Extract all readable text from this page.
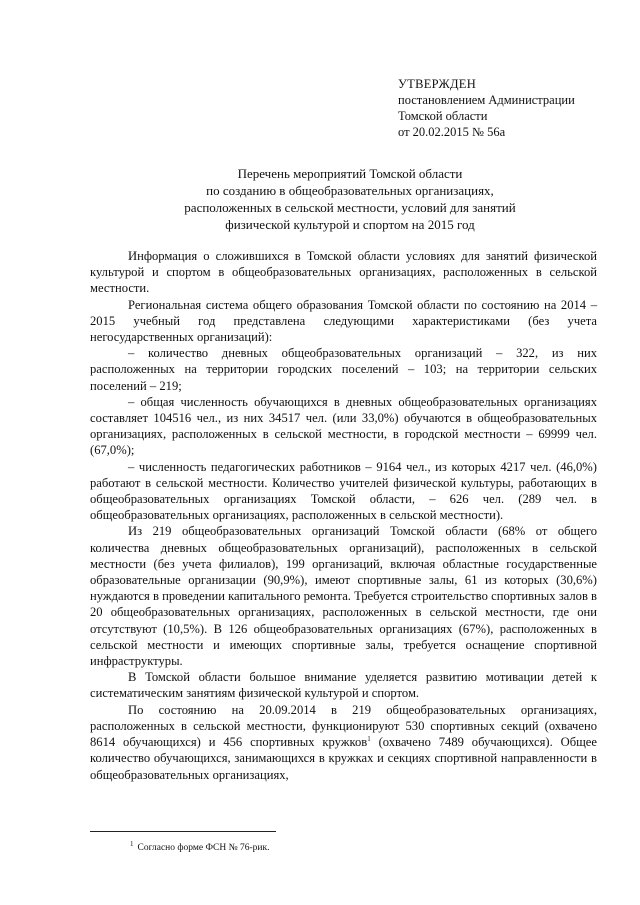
УТВЕРЖДЕН
постановлением Администрации
Томской области
от 20.02.2015 № 56а
Перечень мероприятий Томской области
по созданию в общеобразовательных организациях,
расположенных в сельской местности, условий для занятий
физической культурой и спортом на 2015 год

Информация о сложившихся в Томской области условиях для занятий физической культурой и спортом в общеобразовательных организациях, расположенных в сельской местности.

Региональная система общего образования Томской области по состоянию на 2014 – 2015 учебный год представлена следующими характеристиками (без учета негосударственных организаций):

– количество дневных общеобразовательных организаций – 322, из них расположенных на территории городских поселений – 103; на территории сельских поселений – 219;

– общая численность обучающихся в дневных общеобразовательных организациях составляет 104516 чел., из них 34517 чел. (или 33,0%) обучаются в общеобразовательных организациях, расположенных в сельской местности, в городской местности – 69999 чел. (67,0%);

– численность педагогических работников – 9164 чел., из которых 4217 чел. (46,0%) работают в сельской местности. Количество учителей физической культуры, работающих в общеобразовательных организациях Томской области, – 626 чел. (289 чел. в общеобразовательных организациях, расположенных в сельской местности).

Из 219 общеобразовательных организаций Томской области (68% от общего количества дневных общеобразовательных организаций), расположенных в сельской местности (без учета филиалов), 199 организаций, включая областные государственные образовательные организации (90,9%), имеют спортивные залы, 61 из которых (30,6%) нуждаются в проведении капитального ремонта. Требуется строительство спортивных залов в 20 общеобразовательных организациях, расположенных в сельской местности, где они отсутствуют (10,5%). В 126 общеобразовательных организациях (67%), расположенных в сельской местности и имеющих спортивные залы, требуется оснащение спортивной инфраструктуры.

В Томской области большое внимание уделяется развитию мотивации детей к систематическим занятиям физической культурой и спортом.

По состоянию на 20.09.2014 в 219 общеобразовательных организациях, расположенных в сельской местности, функционируют 530 спортивных секций (охвачено 8614 обучающихся) и 456 спортивных кружков$^1$ (охвачено 7489 обучающихся). Общее количество обучающихся, занимающихся в кружках и секциях спортивной направленности в общеобразовательных организациях,

$^1$ Согласно форме ФСН № 76-рик.
